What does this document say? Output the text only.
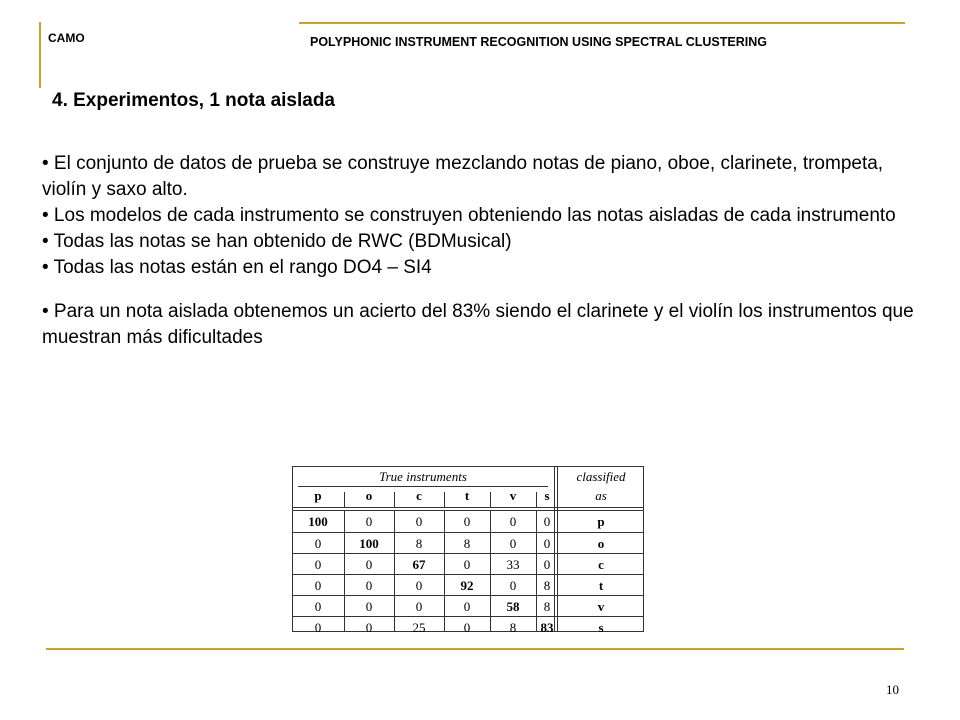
CAMO	POLYPHONIC INSTRUMENT RECOGNITION USING SPECTRAL CLUSTERING
4. Experimentos, 1 nota aislada

• El conjunto de datos de prueba se construye mezclando notas de piano, oboe, clarinete, trompeta, violín y saxo alto.

• Los modelos de cada instrumento se construyen obteniendo las notas aisladas de cada instrumento

• Todas las notas se han obtenido de RWC (BDMusical)

• Todas las notas están en el rango DO4 – SI4

• Para un nota aislada obtenemos un acierto del 83% siendo el clarinete y el violín los instrumentos que muestran más dificultades

True instruments	classified
as
p	o	c	t	v	s
100	0	0	0	0	0	p
0	100	8	8	0	0	o
0	0	67	0	33	0	c
0	0	0	92	0	8	t
0	0	0	0	58	8	v
0	0	25	0	8	83	s
10
